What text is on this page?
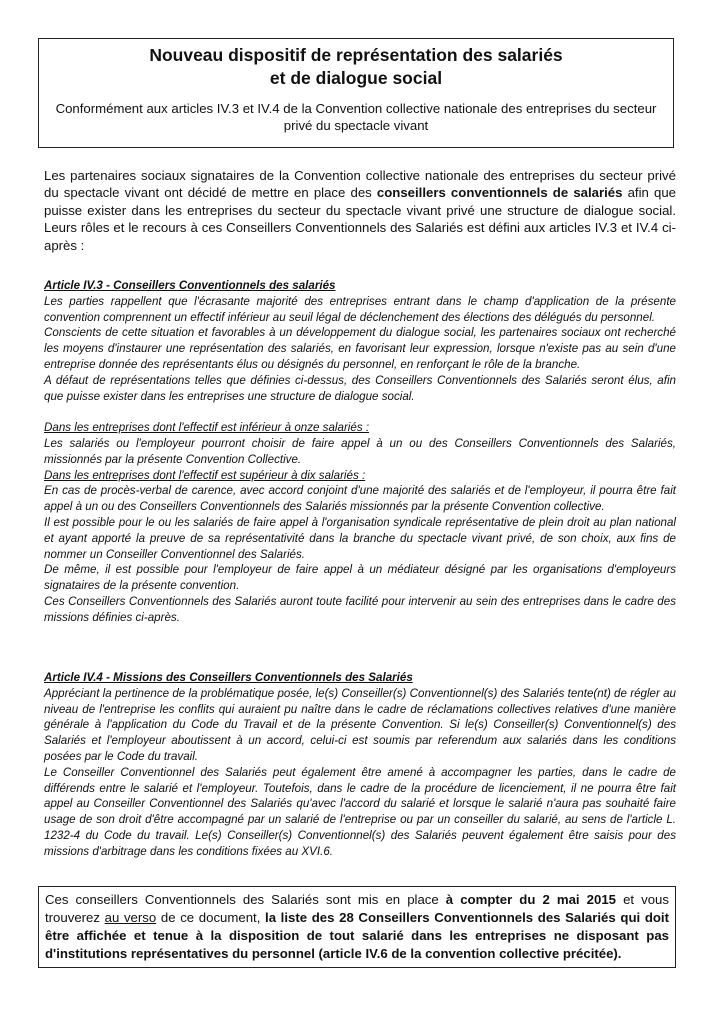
Nouveau dispositif de représentation des salariés
et de dialogue social
Conformément aux articles IV.3 et IV.4 de la Convention collective nationale des entreprises du secteur privé du spectacle vivant
Les partenaires sociaux signataires de la Convention collective nationale des entreprises du secteur privé du spectacle vivant ont décidé de mettre en place des conseillers conventionnels de salariés afin que puisse exister dans les entreprises du secteur du spectacle vivant privé une structure de dialogue social. Leurs rôles et le recours à ces Conseillers Conventionnels des Salariés est défini aux articles IV.3 et IV.4 ci-après :

Article IV.3 - Conseillers Conventionnels des salariés

Les parties rappellent que l'écrasante majorité des entreprises entrant dans le champ d'application de la présente convention comprennent un effectif inférieur au seuil légal de déclenchement des élections des délégués du personnel.

Conscients de cette situation et favorables à un développement du dialogue social, les partenaires sociaux ont recherché les moyens d'instaurer une représentation des salariés, en favorisant leur expression, lorsque n'existe pas au sein d'une entreprise donnée des représentants élus ou désignés du personnel, en renforçant le rôle de la branche.

A défaut de représentations telles que définies ci-dessus, des Conseillers Conventionnels des Salariés seront élus, afin que puisse exister dans les entreprises une structure de dialogue social.

Dans les entreprises dont l'effectif est inférieur à onze salariés :

Les salariés ou l'employeur pourront choisir de faire appel à un ou des Conseillers Conventionnels des Salariés, missionnés par la présente Convention Collective.

Dans les entreprises dont l'effectif est supérieur à dix salariés :

En cas de procès-verbal de carence, avec accord conjoint d'une majorité des salariés et de l'employeur, il pourra être fait appel à un ou des Conseillers Conventionnels des Salariés missionnés par la présente Convention collective.

Il est possible pour le ou les salariés de faire appel à l'organisation syndicale représentative de plein droit au plan national et ayant apporté la preuve de sa représentativité dans la branche du spectacle vivant privé, de son choix, aux fins de nommer un Conseiller Conventionnel des Salariés.

De même, il est possible pour l'employeur de faire appel à un médiateur désigné par les organisations d'employeurs signataires de la présente convention.

Ces Conseillers Conventionnels des Salariés auront toute facilité pour intervenir au sein des entreprises dans le cadre des missions définies ci-après.

Article IV.4 - Missions des Conseillers Conventionnels des Salariés

Appréciant la pertinence de la problématique posée, le(s) Conseiller(s) Conventionnel(s) des Salariés tente(nt) de régler au niveau de l'entreprise les conflits qui auraient pu naître dans le cadre de réclamations collectives relatives d'une manière générale à l'application du Code du Travail et de la présente Convention. Si le(s) Conseiller(s) Conventionnel(s) des Salariés et l'employeur aboutissent à un accord, celui-ci est soumis par referendum aux salariés dans les conditions posées par le Code du travail.

Le Conseiller Conventionnel des Salariés peut également être amené à accompagner les parties, dans le cadre de différends entre le salarié et l'employeur. Toutefois, dans le cadre de la procédure de licenciement, il ne pourra être fait appel au Conseiller Conventionnel des Salariés qu'avec l'accord du salarié et lorsque le salarié n'aura pas souhaité faire usage de son droit d'être accompagné par un salarié de l'entreprise ou par un conseiller du salarié, au sens de l'article L. 1232-4 du Code du travail. Le(s) Conseiller(s) Conventionnel(s) des Salariés peuvent également être saisis pour des missions d'arbitrage dans les conditions fixées au XVI.6.

Ces conseillers Conventionnels des Salariés sont mis en place à compter du 2 mai 2015 et vous trouverez au verso de ce document, la liste des 28 Conseillers Conventionnels des Salariés qui doit être affichée et tenue à la disposition de tout salarié dans les entreprises ne disposant pas d'institutions représentatives du personnel (article IV.6 de la convention collective précitée).
